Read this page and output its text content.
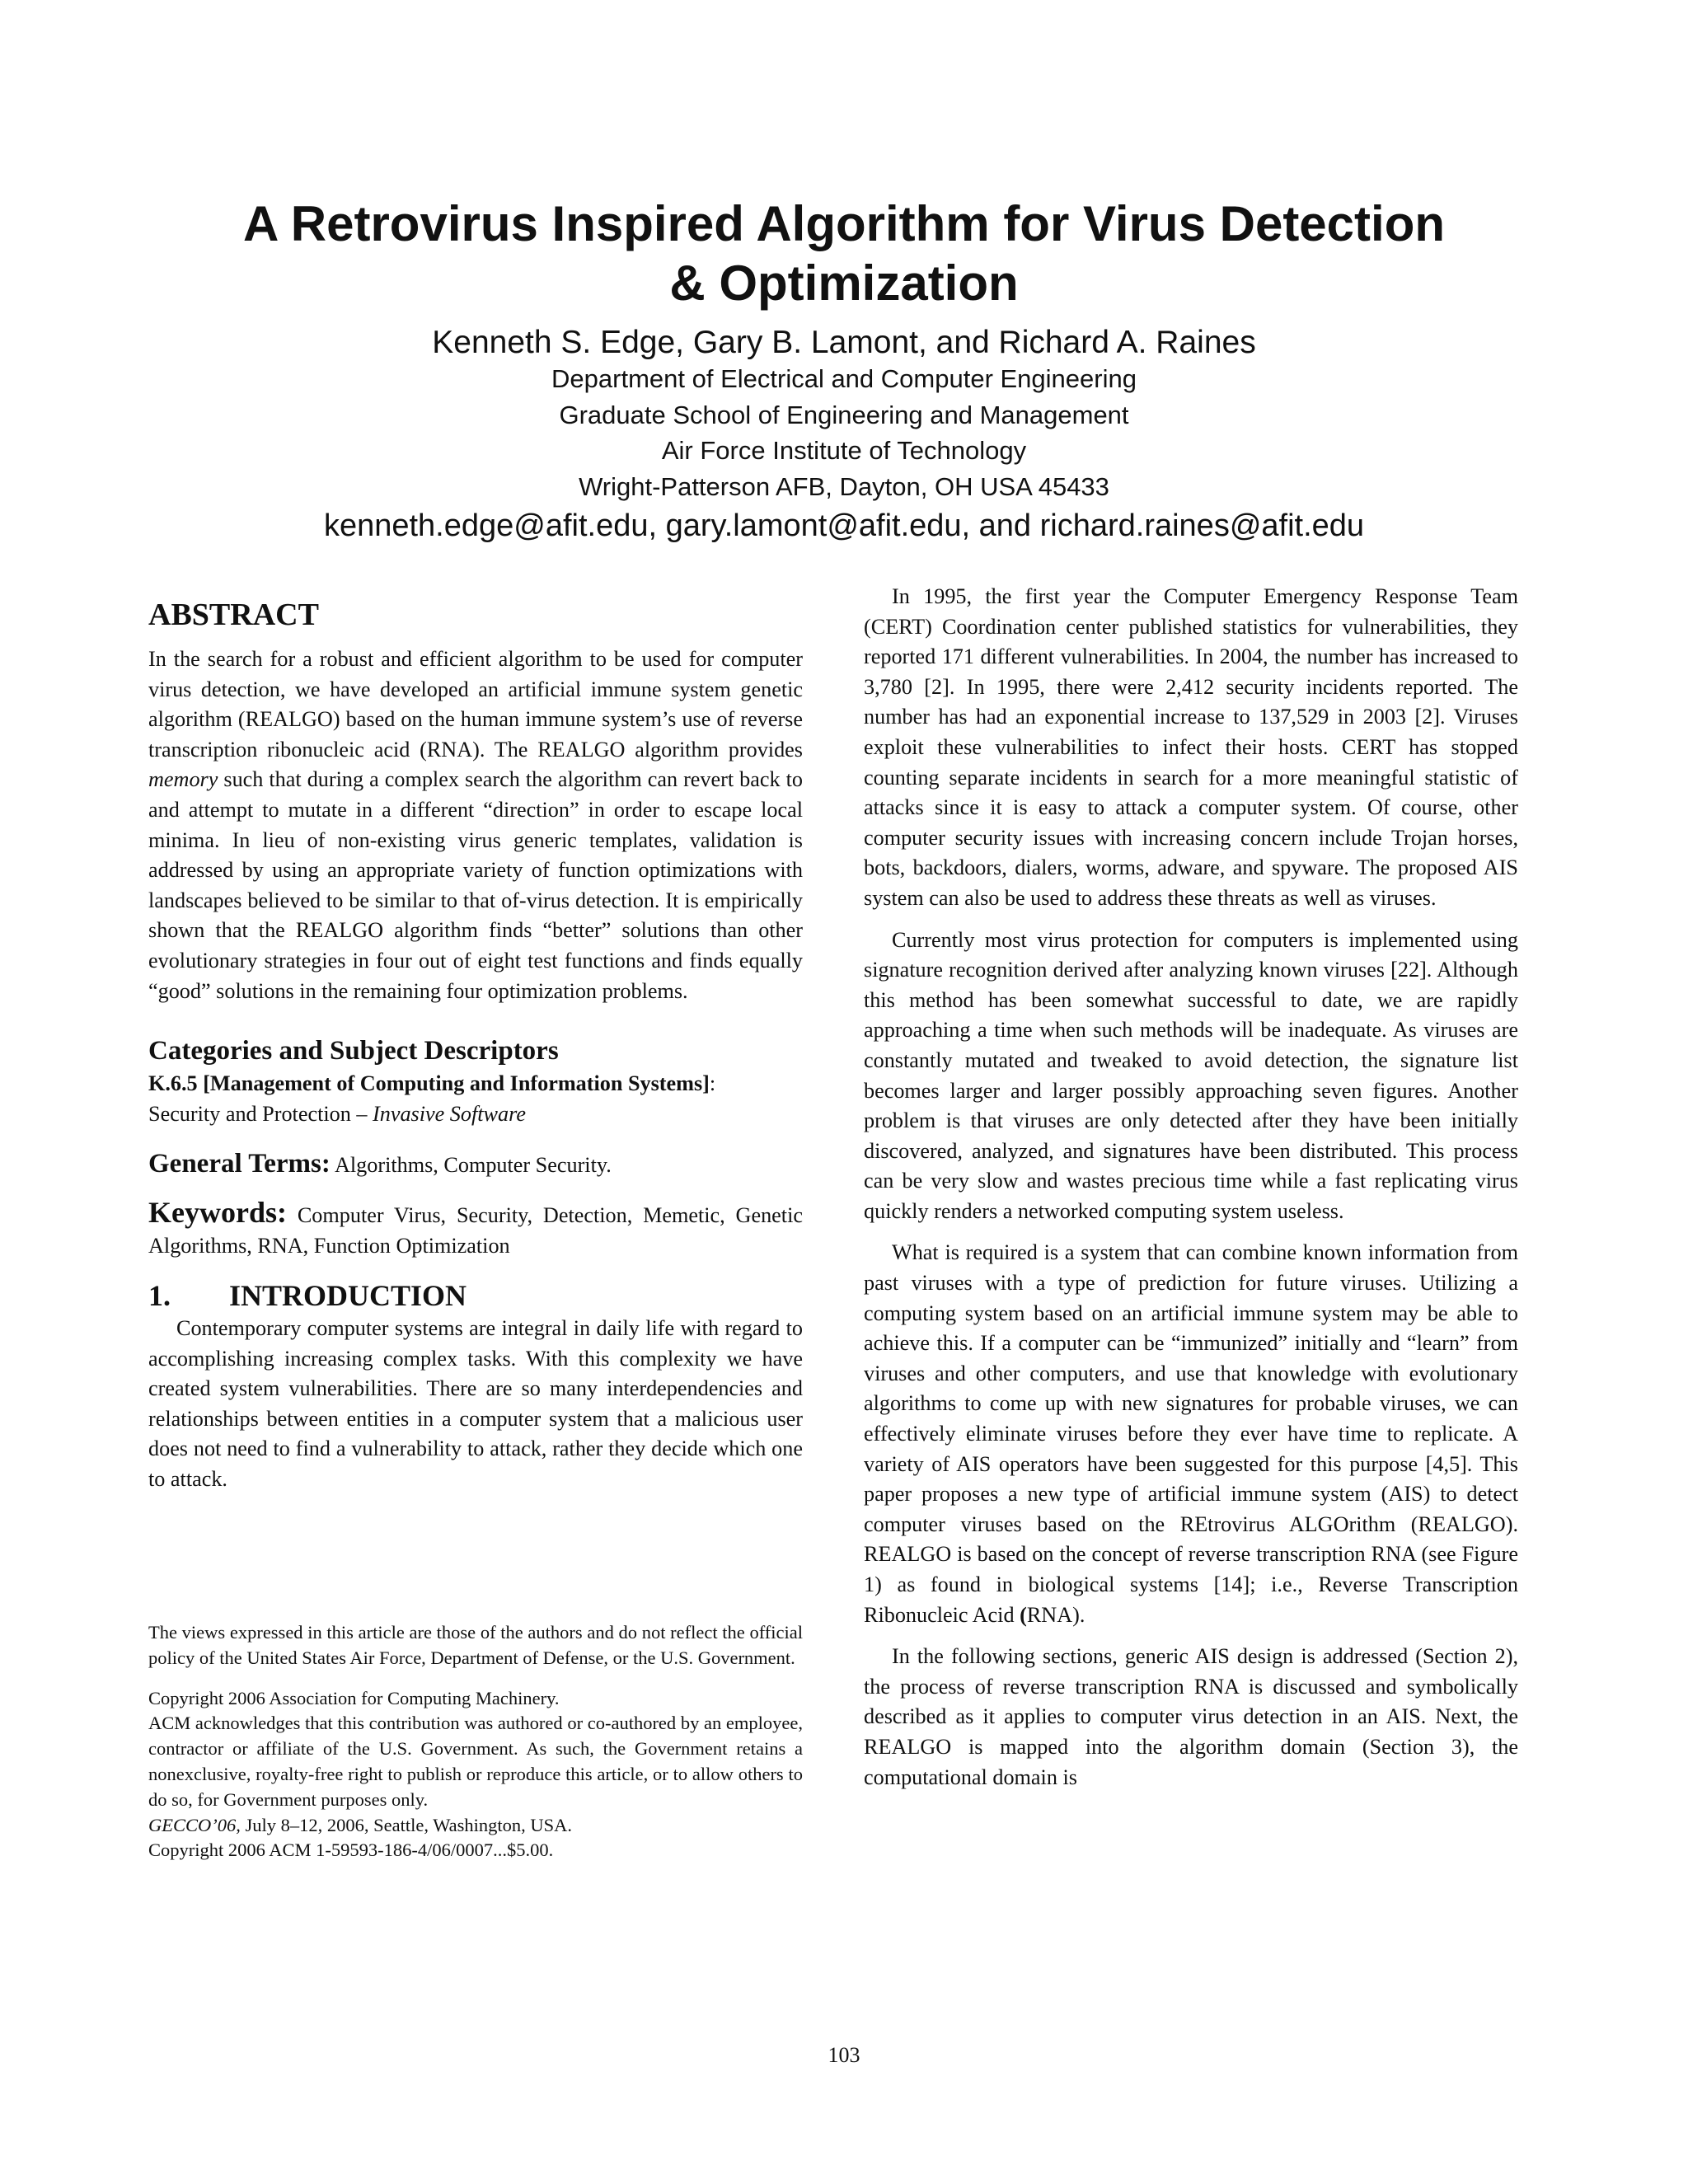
A Retrovirus Inspired Algorithm for Virus Detection
& Optimization

Kenneth S. Edge, Gary B. Lamont, and Richard A. Raines

Department of Electrical and Computer Engineering

Graduate School of Engineering and Management

Air Force Institute of Technology

Wright-Patterson AFB, Dayton, OH USA 45433

kenneth.edge@afit.edu, gary.lamont@afit.edu, and richard.raines@afit.edu

ABSTRACT

In the search for a robust and efficient algorithm to be used for computer virus detection, we have developed an artificial immune system genetic algorithm (REALGO) based on the human immune system’s use of reverse transcription ribonucleic acid (RNA). The REALGO algorithm provides memory such that during a complex search the algorithm can revert back to and attempt to mutate in a different “direction” in order to escape local minima. In lieu of non-existing virus generic templates, validation is addressed by using an appropriate variety of function optimizations with landscapes believed to be similar to that of-virus detection. It is empirically shown that the REALGO algorithm finds “better” solutions than other evolutionary strategies in four out of eight test functions and finds equally “good” solutions in the remaining four optimization problems.

Categories and Subject Descriptors

K.6.5 [Management of Computing and Information Systems]:
Security and Protection – Invasive Software

General Terms: Algorithms, Computer Security.

Keywords: Computer Virus, Security, Detection, Memetic, Genetic Algorithms, RNA, Function Optimization

1. INTRODUCTION

Contemporary computer systems are integral in daily life with regard to accomplishing increasing complex tasks. With this complexity we have created system vulnerabilities. There are so many interdependencies and relationships between entities in a computer system that a malicious user does not need to find a vulnerability to attack, rather they decide which one to attack.

The views expressed in this article are those of the authors and do not reflect the official policy of the United States Air Force, Department of Defense, or the U.S. Government.

Copyright 2006 Association for Computing Machinery.

ACM acknowledges that this contribution was authored or co-authored by an employee, contractor or affiliate of the U.S. Government. As such, the Government retains a nonexclusive, royalty-free right to publish or reproduce this article, or to allow others to do so, for Government purposes only.

GECCO’06, July 8–12, 2006, Seattle, Washington, USA.

Copyright 2006 ACM 1-59593-186-4/06/0007...$5.00.

In 1995, the first year the Computer Emergency Response Team (CERT) Coordination center published statistics for vulnerabilities, they reported 171 different vulnerabilities. In 2004, the number has increased to 3,780 [2]. In 1995, there were 2,412 security incidents reported. The number has had an exponential increase to 137,529 in 2003 [2]. Viruses exploit these vulnerabilities to infect their hosts. CERT has stopped counting separate incidents in search for a more meaningful statistic of attacks since it is easy to attack a computer system. Of course, other computer security issues with increasing concern include Trojan horses, bots, backdoors, dialers, worms, adware, and spyware. The proposed AIS system can also be used to address these threats as well as viruses.

Currently most virus protection for computers is implemented using signature recognition derived after analyzing known viruses [22]. Although this method has been somewhat successful to date, we are rapidly approaching a time when such methods will be inadequate. As viruses are constantly mutated and tweaked to avoid detection, the signature list becomes larger and larger possibly approaching seven figures. Another problem is that viruses are only detected after they have been initially discovered, analyzed, and signatures have been distributed. This process can be very slow and wastes precious time while a fast replicating virus quickly renders a networked computing system useless.

What is required is a system that can combine known information from past viruses with a type of prediction for future viruses. Utilizing a computing system based on an artificial immune system may be able to achieve this. If a computer can be “immunized” initially and “learn” from viruses and other computers, and use that knowledge with evolutionary algorithms to come up with new signatures for probable viruses, we can effectively eliminate viruses before they ever have time to replicate. A variety of AIS operators have been suggested for this purpose [4,5]. This paper proposes a new type of artificial immune system (AIS) to detect computer viruses based on the REtrovirus ALGOrithm (REALGO). REALGO is based on the concept of reverse transcription RNA (see Figure 1) as found in biological systems [14]; i.e., Reverse Transcription Ribonucleic Acid (RNA).

In the following sections, generic AIS design is addressed (Section 2), the process of reverse transcription RNA is discussed and symbolically described as it applies to computer virus detection in an AIS. Next, the REALGO is mapped into the algorithm domain (Section 3), the computational domain is

103
